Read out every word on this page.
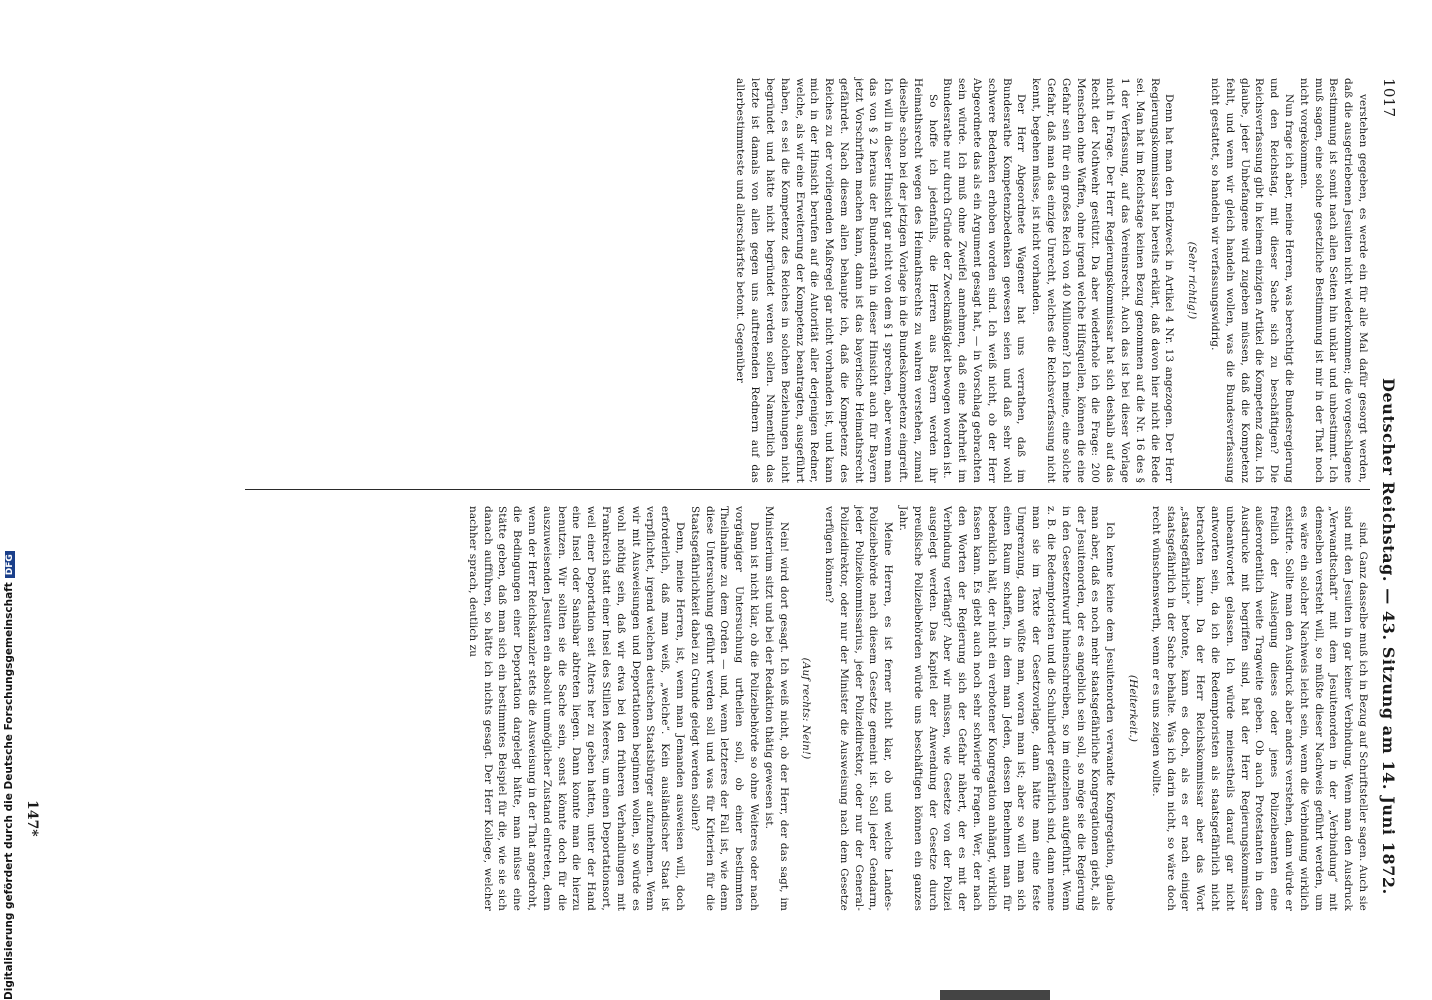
Digitalisierung gefördert durch die Deutsche ForschungsgemeinschaftDFG
1017
Deutscher Reichstag. — 43. Sitzung am 14. Juni 1872.

verstehen gegeben, es werde ein für alle Mal dafür gesorgt werden, daß die ausgetriebenen Jesuiten nicht wiederkommen; die vorgeschlagene Bestimmung ist somit nach allen Seiten hin unklar und unbestimmt. Ich muß sagen, eine solche gesetzliche Bestimmung ist mir in der That noch nicht vorgekommen.

Nun frage ich aber, meine Herren, was berechtigt die Bundesregierung und den Reichstag, mit dieser Sache sich zu beschäftigen? Die Reichsverfassung gibt in keinem einzigen Artikel die Kompetenz dazu. Ich glaube, jeder Unbefangene wird zugeben müssen, daß die Kompetenz fehlt, und wenn wir gleich handeln wollen, was die Bundesverfassung nicht gestattet, so handeln wir verfassungswidrig.

(Sehr richtig!)

Denn hat man den Endzweck in Artikel 4 Nr. 13 angezogen. Der Herr Regierungskommissar hat bereits erklärt, daß davon hier nicht die Rede sei. Man hat im Reichstage keinen Bezug genommen auf die Nr. 16 des § 1 der Verfassung, auf das Vereinsrecht. Auch das ist bei dieser Vorlage nicht in Frage. Der Herr Regierungskommissar hat sich deshalb auf das Recht der Nothwehr gestützt. Da aber wiederhole ich die Frage: 200 Menschen ohne Waffen, ohne irgend welche Hilfsquellen, können die eine Gefahr sein für ein großes Reich von 40 Millionen? Ich meine, eine solche Gefahr, daß man das einzige Unrecht, welches die Reichsverfassung nicht kennt, begehen müsse, ist nicht vorhanden.

Der Herr Abgeordnete Wagener hat uns verrathen, daß im Bundesrathe Kompetenzbedenken gewesen seien und daß sehr wohl schwere Bedenken erhoben worden sind. Ich weiß nicht, ob der Herr Abgeordnete das als ein Argument gesagt hat, — in Vorschlag gebrachten sein würde. Ich muß ohne Zweifel annehmen, daß eine Mehrheit im Bundesrathe nur durch Gründe der Zweckmäßigkeit bewogen worden ist.

So hoffe ich jedenfalls, die Herren aus Bayern werden ihr Heimathsrecht wegen des Heimathsrechts zu wahren verstehen, zumal dieselbe schon bei der jetzigen Vorlage in die Bundeskompetenz eingreift. Ich will in dieser Hinsicht gar nicht von dem § 1 sprechen, aber wenn man das von § 2 heraus der Bundesrath in dieser Hinsicht auch für Bayern jetzt Vorschriften machen kann, dann ist das bayerische Heimathsrecht gefährdet. Nach diesem allen behaupte ich, daß die Kompetenz des Reiches zu der vorliegenden Maßregel gar nicht vorhanden ist, und kann mich in der Hinsicht berufen auf die Autorität aller derjenigen Redner, welche, als wir eine Erweiterung der Kompetenz beantragten, ausgeführt haben, es sei die Kompetenz des Reiches in solchen Beziehungen nicht begründet und hätte nicht begründet werden sollen. Namentlich das letzte ist damals von allen gegen uns auftretenden Rednern auf das allerbestimmteste und allerschärfste betont. Gegenüber

sind. Ganz dasselbe muß ich in Bezug auf Schriftsteller sagen. Auch sie sind mit den Jesuiten in gar keiner Verbindung. Wenn man den Ausdruck „Verwandtschaft“ mit dem Jesuitenorden in der „Verbindung“ mit demselben versteht will, so müßte dieser Nachweis geführt werden, um es wäre ein solcher Nachweis leicht sein, wenn die Verbindung wirklich existirte. Sollte man den Ausdruck aber anders verstehen, dann würde er freilich der Auslegung dieses oder jenes Polizeibeamten eine außerordentlich weite Tragweite geben. Ob auch Protestanten in dem Ausdrucke mit begriffen sind, hat der Herr Regierungskommissar unbeantwortet gelassen. Ich würde meinestheils darauf gar nicht antworten sein, da ich die Redemptoristen als staatsgefährlich nicht betrachten kann. Da der Herr Reichskommissar aber das Wort „staatsgefährlich“ betonte, kann es doch, als es er nach einiger staatsgefährlich in der Sache behalte. Was ich darin nicht, so wäre doch recht wünschenswerth, wenn er es uns zeigen wollte.

(Heiterkeit.)

Ich kenne keine dem Jesuitenorden verwandte Kongregation, glaube man aber, daß es noch mehr staatsgefährliche Kongregationen giebt, als der Jesuitenorden, der es angeblich sein soll, so möge sie die Regierung in den Gesetzentwurf hineinschreiben, so im einzelnen aufgeführt. Wenn z. B. die Redemptoristen und die Schulbrüder gefährlich sind, dann nenne man sie im Texte der Gesetzvorlage, dann hätte man eine feste Umgrenzung, dann wüßte man, woran man ist; aber so will man sich einen Raum schaffen, in dem man Jeden, dessen Benehmen man für bedenklich hält, der nicht ein verbotener Kongregation anhängt, wirklich fassen kann. Es giebt auch noch sehr schwierige Fragen. Wer, der nach den Worten der Regierung sich der Gefahr nähert, der es mit der Verbindung verfängt? Aber wir müssen, wie Gesetze von der Polizei ausgelegt werden. Das Kapitel der Anwendung der Gesetze durch preußische Polizeibehörden würde uns beschäftigen können ein ganzes Jahr.

Meine Herren, es ist ferner nicht klar, ob und welche Landes-Polizeibehörde nach diesem Gesetze gemeint ist. Soll jeder Gendarm, jeder Polizeikommissarius, jeder Polizeidirektor, oder nur der General-Polizeidirektor, oder nur der Minister die Ausweisung nach dem Gesetze verfügen können?

(Auf rechts: Nein!)

Nein! wird dort gesagt. Ich weiß nicht, ob der Herr, der das sagt, im Ministerium sitzt und bei der Redaktion thätig gewesen ist.

Dann ist nicht klar, ob die Polizeibehörde so ohne Weiteres oder nach vorgängiger Untersuchung urtheilen soll, ob einer bestimmten Theilnahme zu dem Orden — und, wenn letzteres der Fall ist, wie denn diese Untersuchung geführt werden soll und was für Kriterien für die Staatsgefährlichkeit dabei zu Grunde gelegt werden sollen?

Denn, meine Herren, ist, wenn man Jemanden ausweisen will, doch erforderlich, daß man weiß, „welche“. Kein ausländischer Staat ist verpflichtet, irgend welchen deutschen Staatsbürger aufzunehmen. Wenn wir mit Ausweisungen und Deportationen beginnen wollen, so würde es wohl nöthig sein, daß wir etwa bei den früheren Verhandlungen mit Frankreich statt einer Insel des Stillen Meeres, um einen Deportationsort, weil einer Deportation seit Alters her zu geben hatten, unter der Hand eine Insel oder Sansibar abtreten liegen. Dann konnte man die hierzu benutzen. Wir sollten sie die Sache sein, sonst könnte doch für die auszuweisenden Jesuiten ein absolut unmöglicher Zustand eintreten, denn wenn der Herr Reichskanzler stets die Ausweisung in der That angedroht, die Bedingungen einer Deportation dargelegt hätte, man müsse eine Stätte geben, daß man sich ein bestimmtes Beispiel für die, wie sie sich danach aufführen, so hätte ich nichts gesagt. Der Herr Kollege, welcher nachher sprach, deutlich zu

147*
